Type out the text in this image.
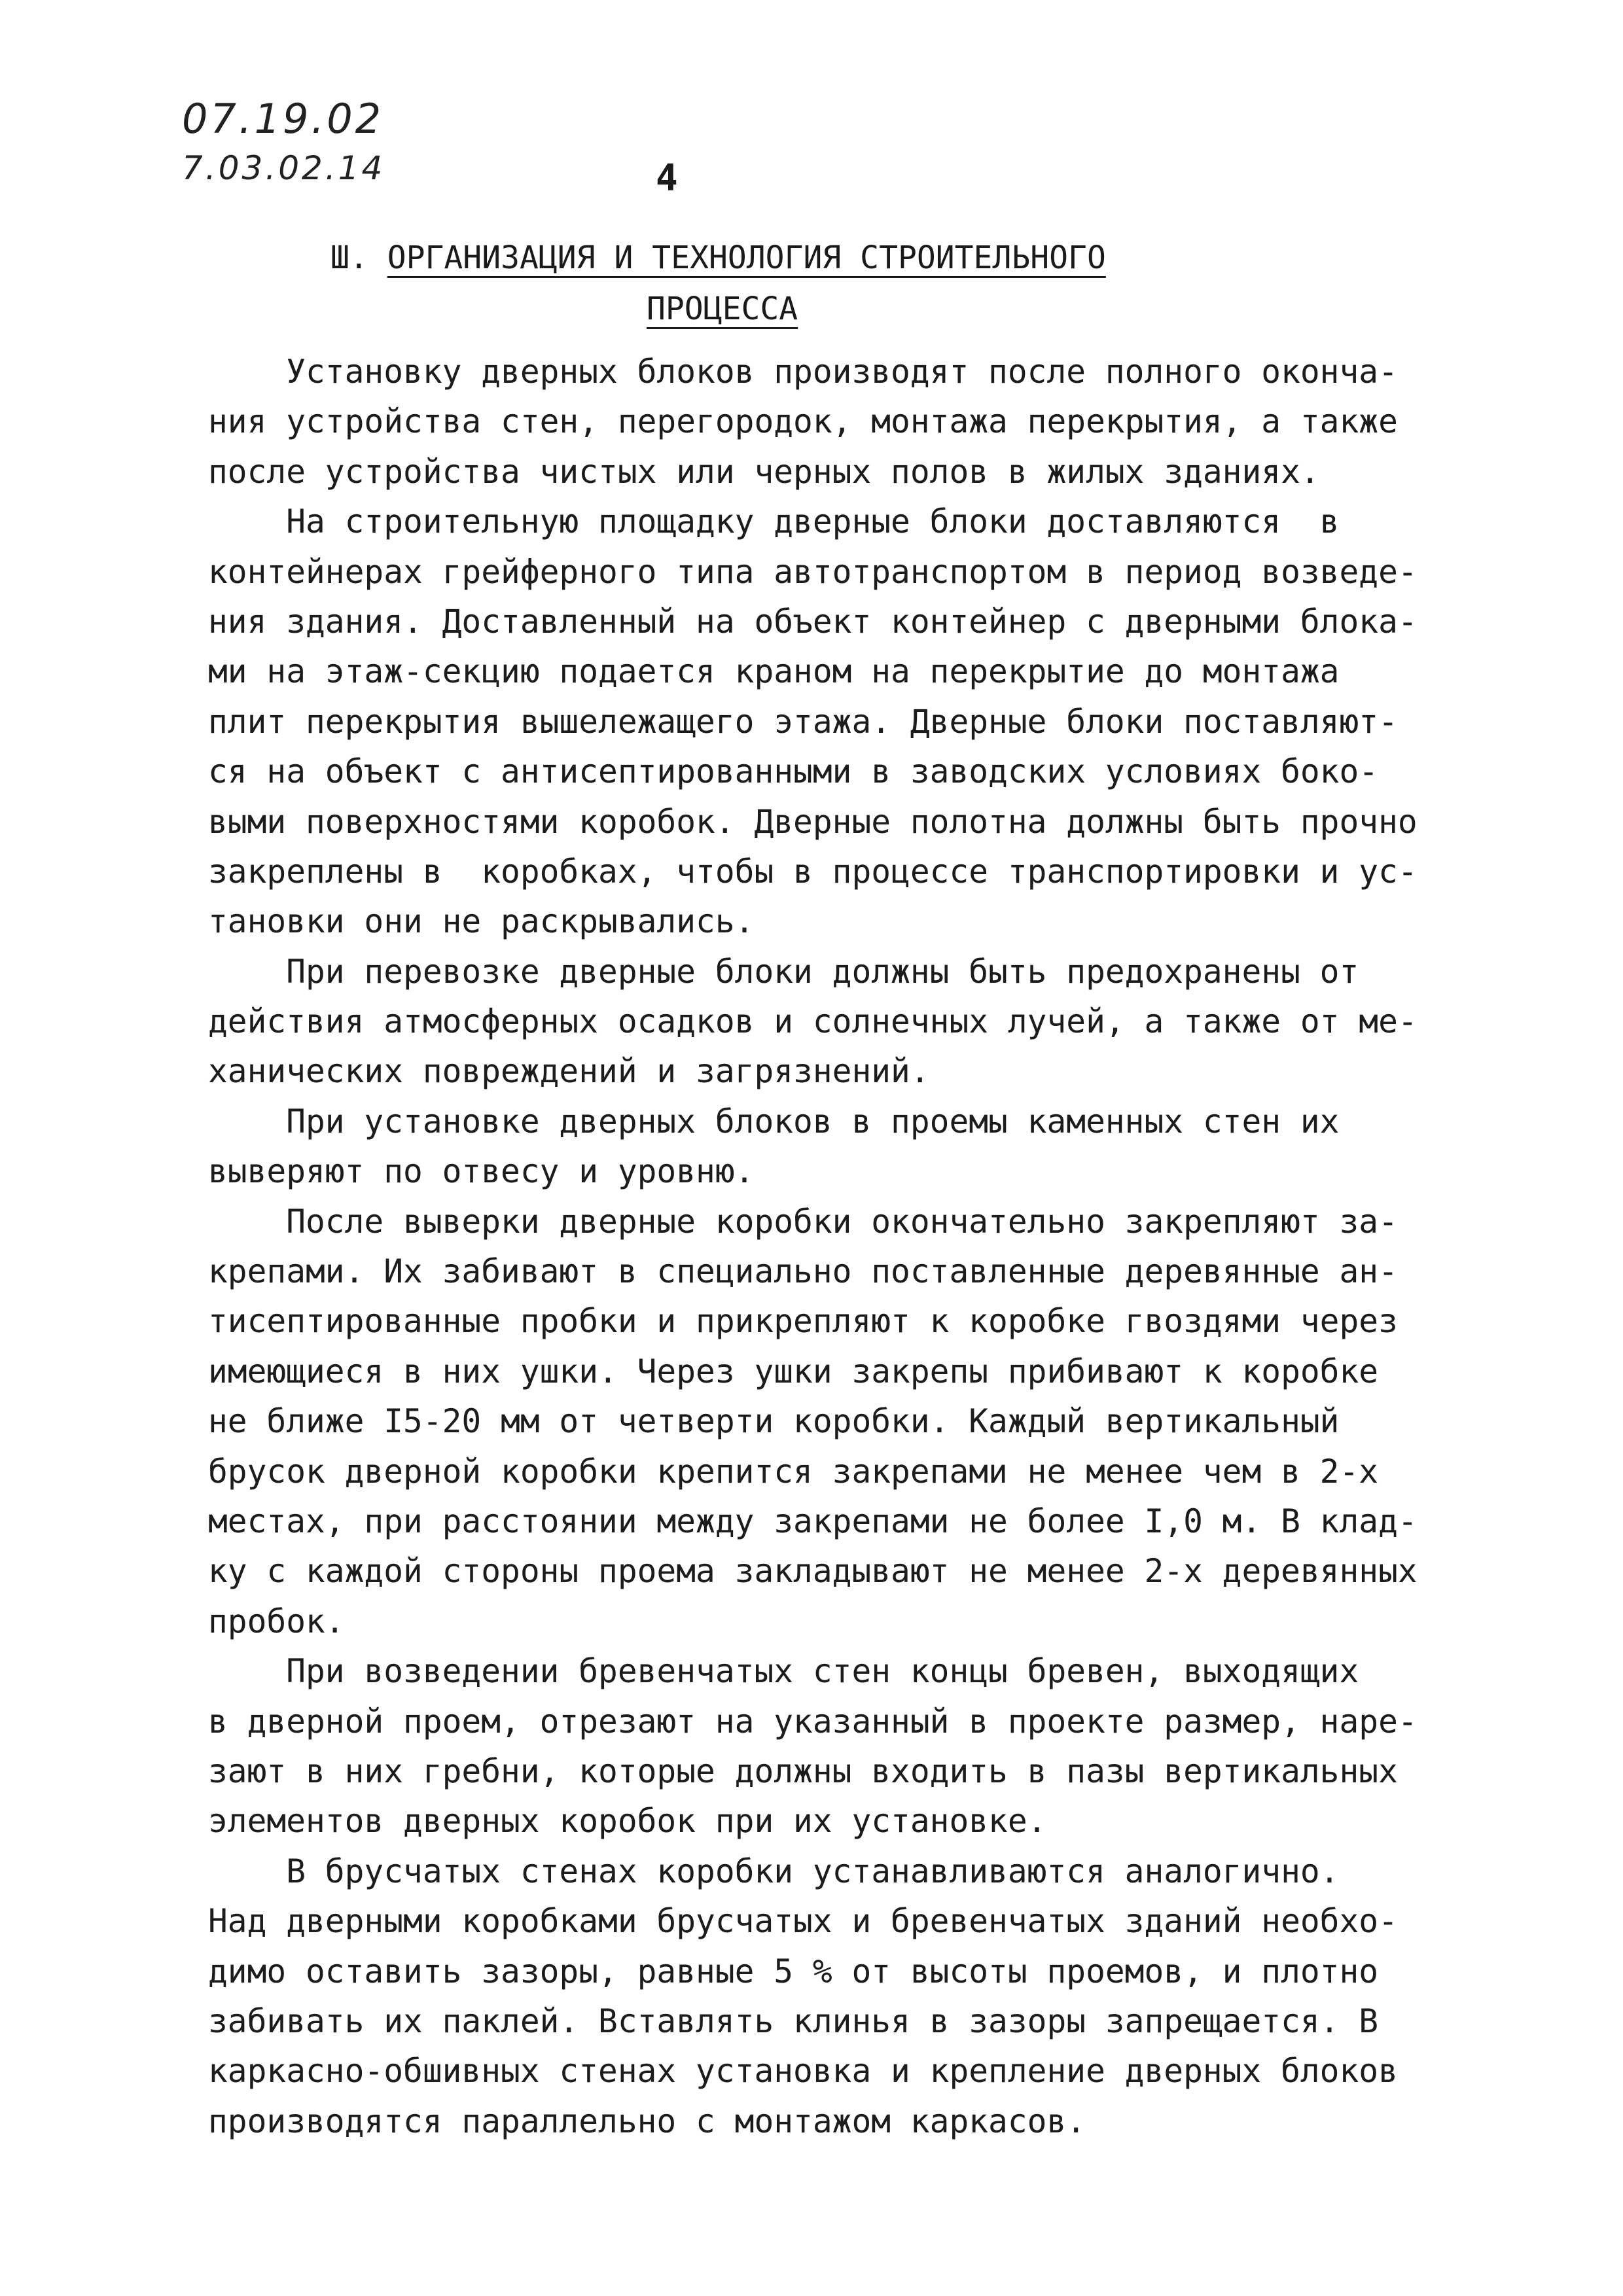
07.19.02
7.03.02.14	4
Ш. ОРГАНИЗАЦИЯ И ТЕХНОЛОГИЯ СТРОИТЕЛЬНОГО
ПРОЦЕССА
Установку дверных блоков производят после полного оконча-
ния устройства стен, перегородок, монтажа перекрытия, а также
после устройства чистых или черных полов в жилых зданиях.
На строительную площадку дверные блоки доставляются  в
контейнерах грейферного типа автотранспортом в период возведе-
ния здания. Доставленный на объект контейнер с дверными блока-
ми на этаж-секцию подается краном на перекрытие до монтажа
плит перекрытия вышележащего этажа. Дверные блоки поставляют-
ся на объект с антисептированными в заводских условиях боко-
выми поверхностями коробок. Дверные полотна должны быть прочно
закреплены в  коробках, чтобы в процессе транспортировки и ус-
тановки они не раскрывались.
При перевозке дверные блоки должны быть предохранены от
действия атмосферных осадков и солнечных лучей, а также от ме-
ханических повреждений и загрязнений.
При установке дверных блоков в проемы каменных стен их
выверяют по отвесу и уровню.
После выверки дверные коробки окончательно закрепляют за-
крепами. Их забивают в специально поставленные деревянные ан-
тисептированные пробки и прикрепляют к коробке гвоздями через
имеющиеся в них ушки. Через ушки закрепы прибивают к коробке
не ближе I5-20 мм от четверти коробки. Каждый вертикальный
брусок дверной коробки крепится закрепами не менее чем в 2-х
местах, при расстоянии между закрепами не более I,0 м. В клад-
ку с каждой стороны проема закладывают не менее 2-х деревянных
пробок.
При возведении бревенчатых стен концы бревен, выходящих
в дверной проем, отрезают на указанный в проекте размер, наре-
зают в них гребни, которые должны входить в пазы вертикальных
элементов дверных коробок при их установке.
В брусчатых стенах коробки устанавливаются аналогично.
Над дверными коробками брусчатых и бревенчатых зданий необхо-
димо оставить зазоры, равные 5 % от высоты проемов, и плотно
забивать их паклей. Вставлять клинья в зазоры запрещается. В
каркасно-обшивных стенах установка и крепление дверных блоков
производятся параллельно с монтажом каркасов.
